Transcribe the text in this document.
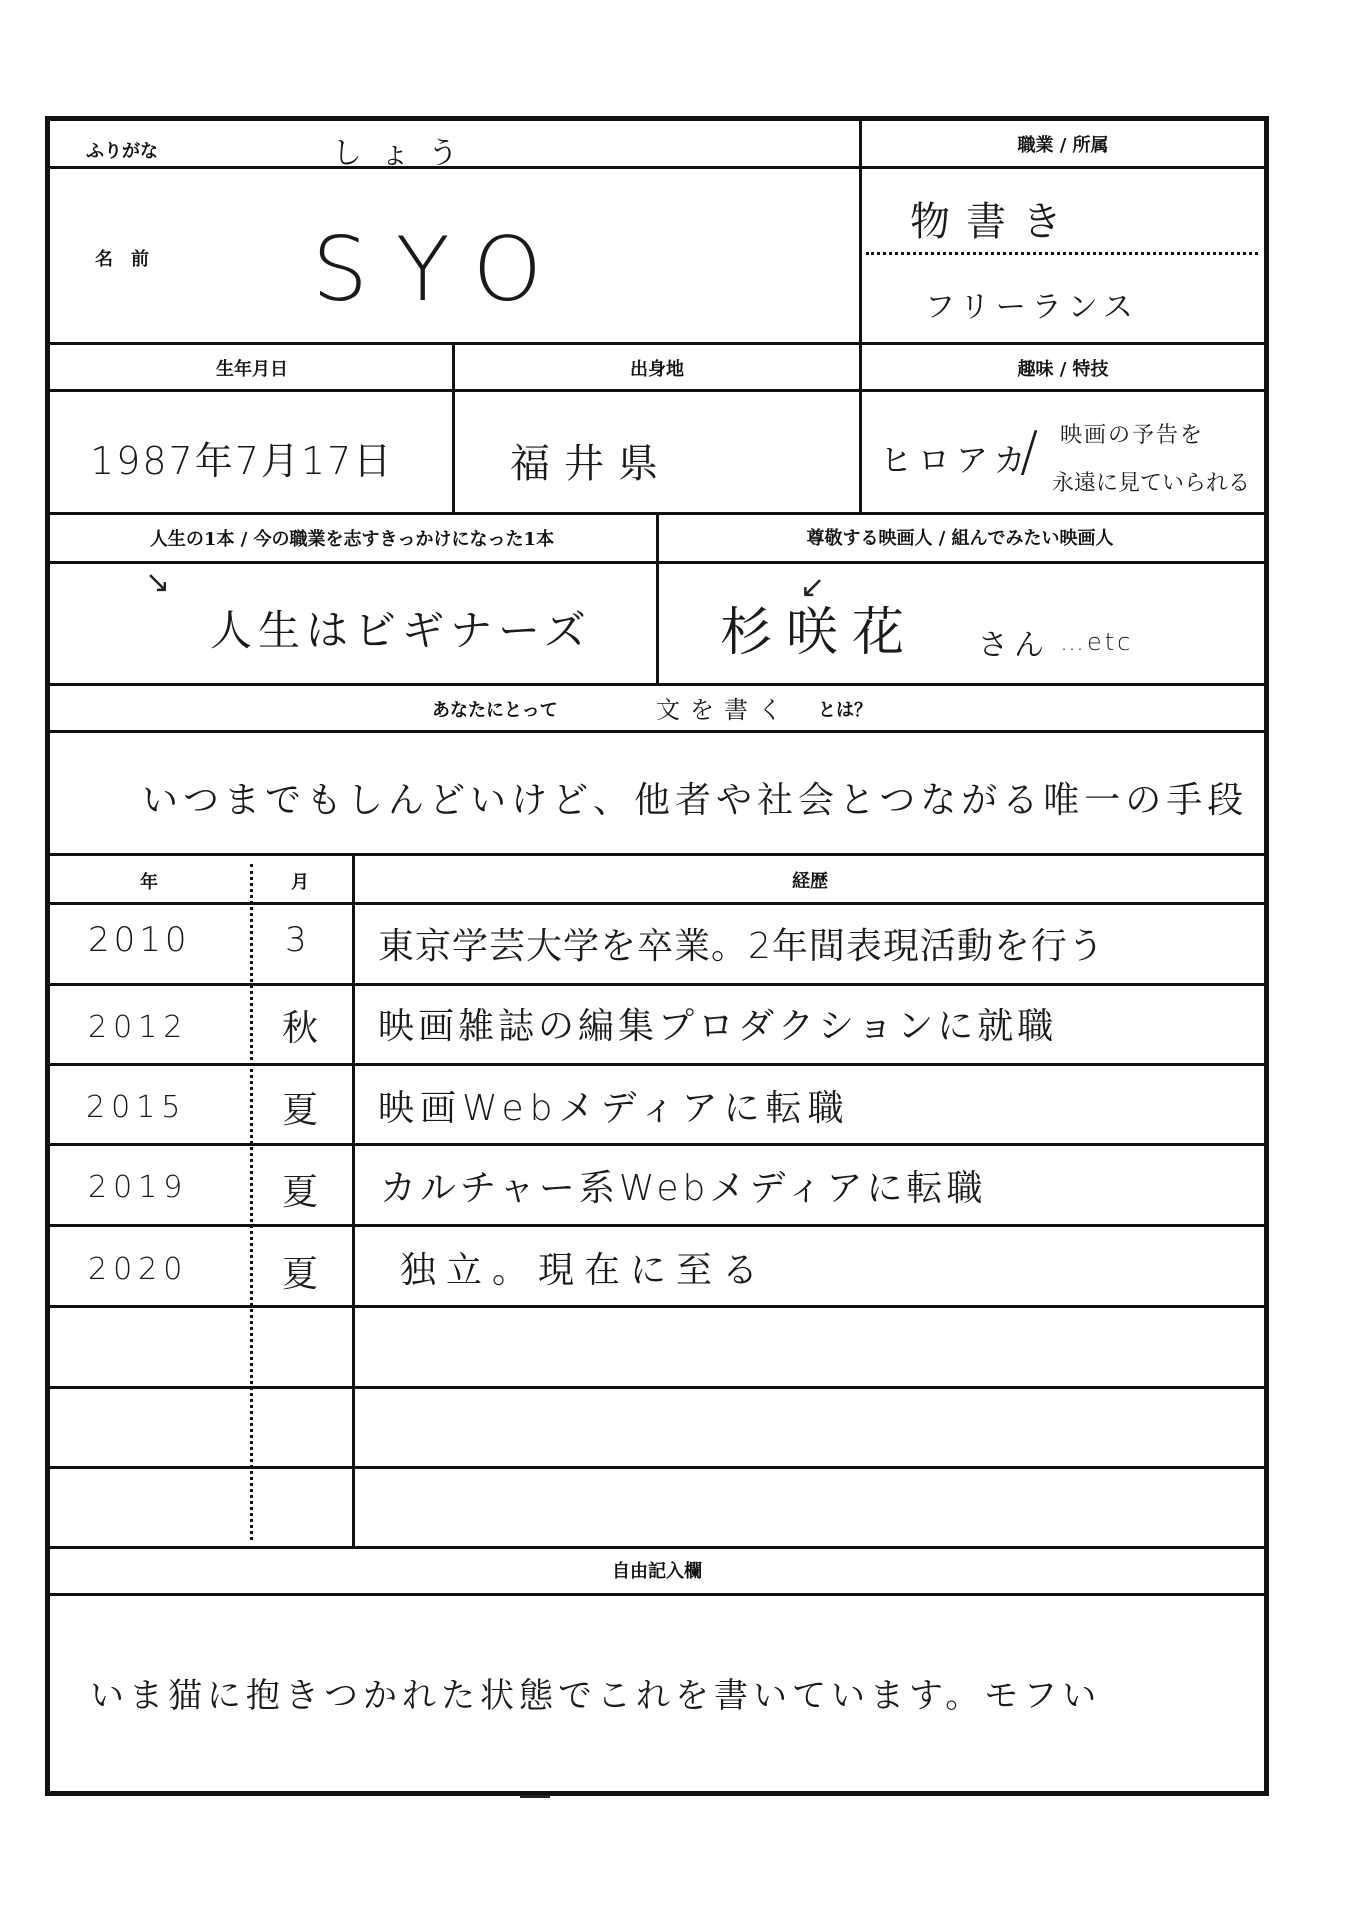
ふりがな	しょう	職業 / 所属
名　前 SYO	物書き
フリーランス
生年月日	出身地	趣味 / 特技
1987年7月17日	福井県	ヒロアカ
/ 映画の予告を
永遠に見ていられる
人生の1本 / 今の職業を志すきっかけになった1本	尊敬する映画人 / 組んでみたい映画人
↘
人生はビギナーズ
↙
杉咲花 さん …etc
あなたにとって	文を書く とは？
いつまでもしんどいけど、他者や社会とつながる唯一の手段
年	月	経歴
2010	3 東京学芸大学を卒業。2年間表現活動を行う
2012	秋 映画雑誌の編集プロダクションに就職
2015	夏 映画Webメディアに転職
2019	夏 カルチャー系Webメディアに転職
2020	夏 独立。現在に至る
自由記入欄
いま猫に抱きつかれた状態でこれを書いています。モフい
